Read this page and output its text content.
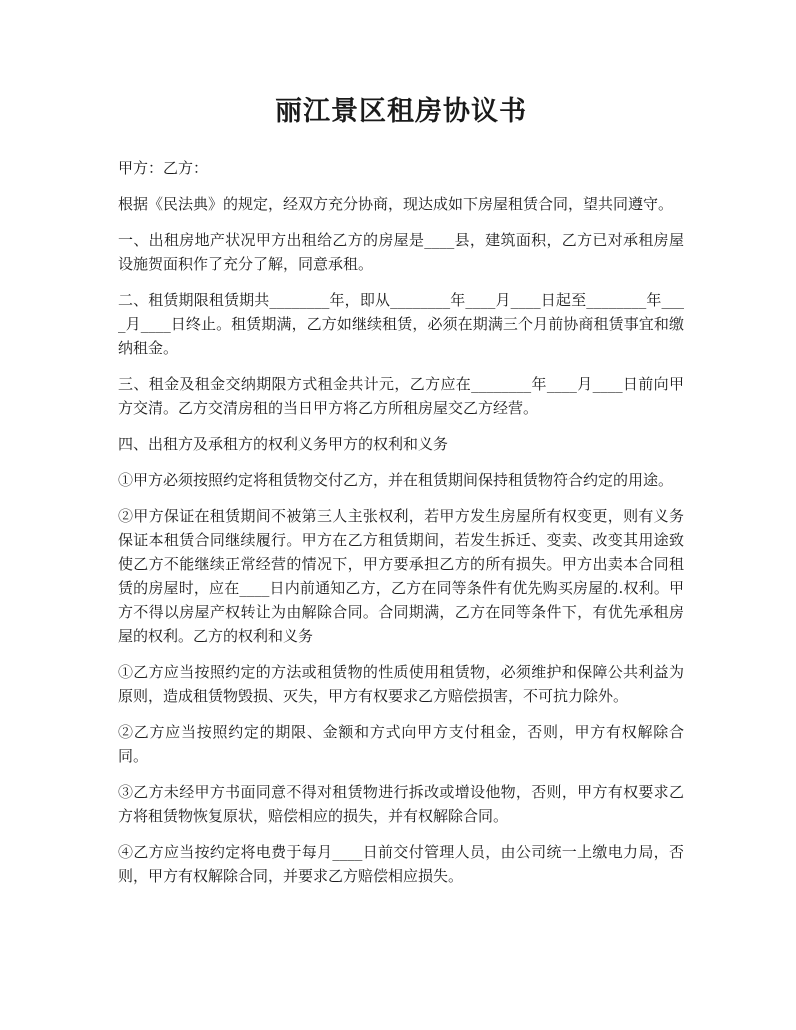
丽江景区租房协议书

甲方：乙方：

根据《民法典》的规定，经双方充分协商，现达成如下房屋租赁合同，望共同遵守。

一、出租房地产状况甲方出租给乙方的房屋是____县，建筑面积，乙方已对承租房屋设施贺面积作了充分了解，同意承租。

二、租赁期限租赁期共________年，即从________年____月____日起至________年____月____日终止。租赁期满，乙方如继续租赁，必须在期满三个月前协商租赁事宜和缴纳租金。

三、租金及租金交纳期限方式租金共计元，乙方应在________年____月____日前向甲方交清。乙方交清房租的当日甲方将乙方所租房屋交乙方经营。

四、出租方及承租方的权利义务甲方的权利和义务

①甲方必须按照约定将租赁物交付乙方，并在租赁期间保持租赁物符合约定的用途。

②甲方保证在租赁期间不被第三人主张权利，若甲方发生房屋所有权变更，则有义务保证本租赁合同继续履行。甲方在乙方租赁期间，若发生拆迁、变卖、改变其用途致使乙方不能继续正常经营的情况下，甲方要承担乙方的所有损失。甲方出卖本合同租赁的房屋时，应在____日内前通知乙方，乙方在同等条件有优先购买房屋的.权利。甲方不得以房屋产权转让为由解除合同。合同期满，乙方在同等条件下，有优先承租房屋的权利。乙方的权利和义务

①乙方应当按照约定的方法或租赁物的性质使用租赁物，必须维护和保障公共利益为原则，造成租赁物毁损、灭失，甲方有权要求乙方赔偿损害，不可抗力除外。

②乙方应当按照约定的期限、金额和方式向甲方支付租金，否则，甲方有权解除合同。

③乙方未经甲方书面同意不得对租赁物进行拆改或增设他物，否则，甲方有权要求乙方将租赁物恢复原状，赔偿相应的损失，并有权解除合同。

④乙方应当按约定将电费于每月____日前交付管理人员，由公司统一上缴电力局，否则，甲方有权解除合同，并要求乙方赔偿相应损失。
